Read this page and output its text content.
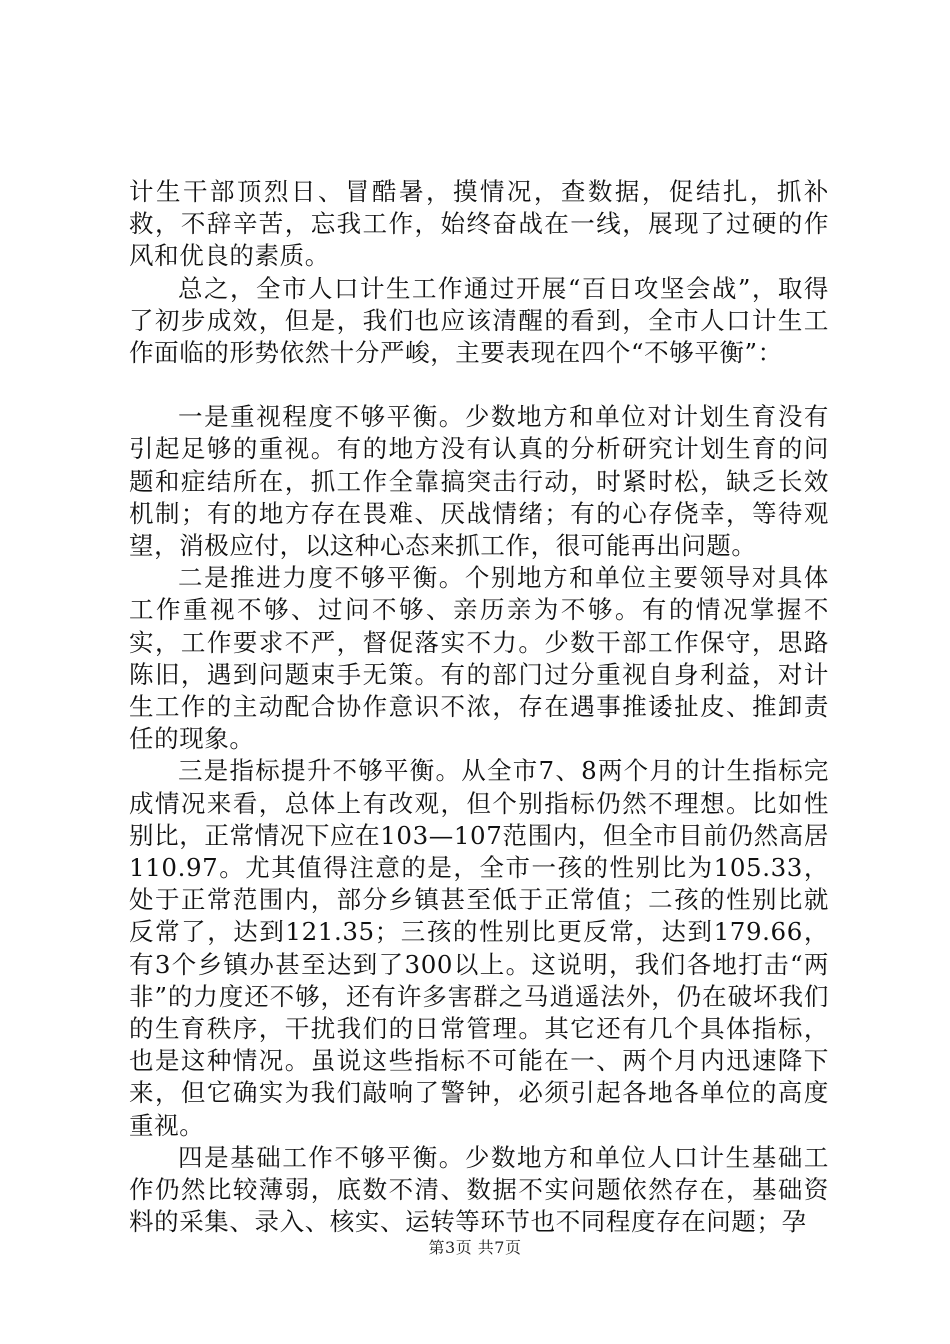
计生干部顶烈日、冒酷暑，摸情况，查数据，促结扎，抓补救，不辞辛苦，忘我工作，始终奋战在一线，展现了过硬的作风和优良的素质。

总之，全市人口计生工作通过开展“百日攻坚会战”，取得了初步成效，但是，我们也应该清醒的看到，全市人口计生工作面临的形势依然十分严峻，主要表现在四个“不够平衡”：

一是重视程度不够平衡。少数地方和单位对计划生育没有引起足够的重视。有的地方没有认真的分析研究计划生育的问题和症结所在，抓工作全靠搞突击行动，时紧时松，缺乏长效机制；有的地方存在畏难、厌战情绪；有的心存侥幸，等待观望，消极应付，以这种心态来抓工作，很可能再出问题。

二是推进力度不够平衡。个别地方和单位主要领导对具体工作重视不够、过问不够、亲历亲为不够。有的情况掌握不实，工作要求不严，督促落实不力。少数干部工作保守，思路陈旧，遇到问题束手无策。有的部门过分重视自身利益，对计生工作的主动配合协作意识不浓，存在遇事推诿扯皮、推卸责任的现象。

三是指标提升不够平衡。从全市7、8两个月的计生指标完成情况来看，总体上有改观，但个别指标仍然不理想。比如性别比，正常情况下应在103—107范围内，但全市目前仍然高居110.97。尤其值得注意的是，全市一孩的性别比为105.33，处于正常范围内，部分乡镇甚至低于正常值；二孩的性别比就反常了，达到121.35；三孩的性别比更反常，达到179.66，有3个乡镇办甚至达到了300以上。这说明，我们各地打击“两非”的力度还不够，还有许多害群之马逍遥法外，仍在破坏我们的生育秩序，干扰我们的日常管理。其它还有几个具体指标，也是这种情况。虽说这些指标不可能在一、两个月内迅速降下来，但它确实为我们敲响了警钟，必须引起各地各单位的高度重视。

四是基础工作不够平衡。少数地方和单位人口计生基础工作仍然比较薄弱，底数不清、数据不实问题依然存在，基础资料的采集、录入、核实、运转等环节也不同程度存在问题；孕

第3页 共7页
